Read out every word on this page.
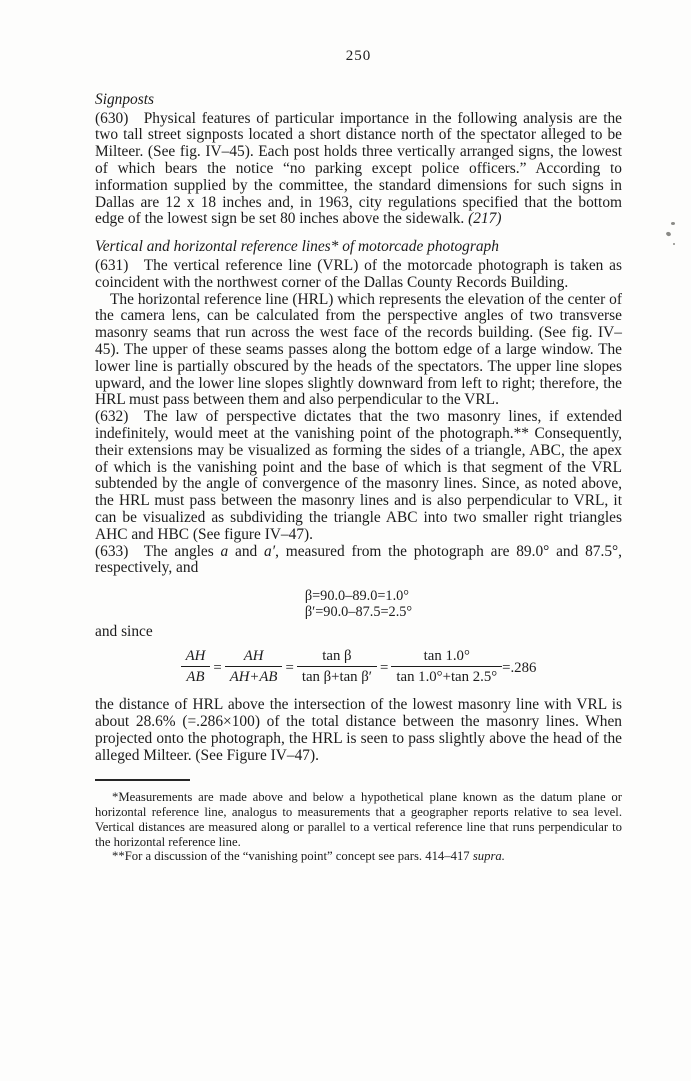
250
Signposts

(630) Physical features of particular importance in the following analysis are the two tall street signposts located a short distance north of the spectator alleged to be Milteer. (See fig. IV–45). Each post holds three vertically arranged signs, the lowest of which bears the notice “no parking except police officers.” According to information supplied by the committee, the standard dimensions for such signs in Dallas are 12 x 18 inches and, in 1963, city regulations specified that the bottom edge of the lowest sign be set 80 inches above the sidewalk. (217)

Vertical and horizontal reference lines* of motorcade photograph

(631) The vertical reference line (VRL) of the motorcade photograph is taken as coincident with the northwest corner of the Dallas County Records Building.

The horizontal reference line (HRL) which represents the elevation of the center of the camera lens, can be calculated from the perspective angles of two transverse masonry seams that run across the west face of the records building. (See fig. IV–45). The upper of these seams passes along the bottom edge of a large window. The lower line is partially obscured by the heads of the spectators. The upper line slopes upward, and the lower line slopes slightly downward from left to right; therefore, the HRL must pass between them and also perpendicular to the VRL.

(632) The law of perspective dictates that the two masonry lines, if extended indefinitely, would meet at the vanishing point of the photograph.** Consequently, their extensions may be visualized as forming the sides of a triangle, ABC, the apex of which is the vanishing point and the base of which is that segment of the VRL subtended by the angle of convergence of the masonry lines. Since, as noted above, the HRL must pass between the masonry lines and is also perpendicular to VRL, it can be visualized as subdividing the triangle ABC into two smaller right triangles AHC and HBC (See figure IV–47).

(633) The angles a and a′, measured from the photograph are 89.0° and 87.5°, respectively, and

β=90.0–89.0=1.0°
β′=90.0–87.5=2.5°

and since

$\frac{AH}{AB} = \frac{AH}{AH+AB} = \frac{\text{tan β}}{\text{tan β+tan β′}} = \frac{\tan 1.0^\circ}{\tan 1.0^\circ+\tan 2.5^\circ} =.286$

the distance of HRL above the intersection of the lowest masonry line with VRL is about 28.6% (=.286×100) of the total distance between the masonry lines. When projected onto the photograph, the HRL is seen to pass slightly above the head of the alleged Milteer. (See Figure IV–47).

*Measurements are made above and below a hypothetical plane known as the datum plane or horizontal reference line, analogus to measurements that a geographer reports relative to sea level. Vertical distances are measured along or parallel to a vertical reference line that runs perpendicular to the horizontal reference line.

**For a discussion of the “vanishing point” concept see pars. 414–417 supra.
